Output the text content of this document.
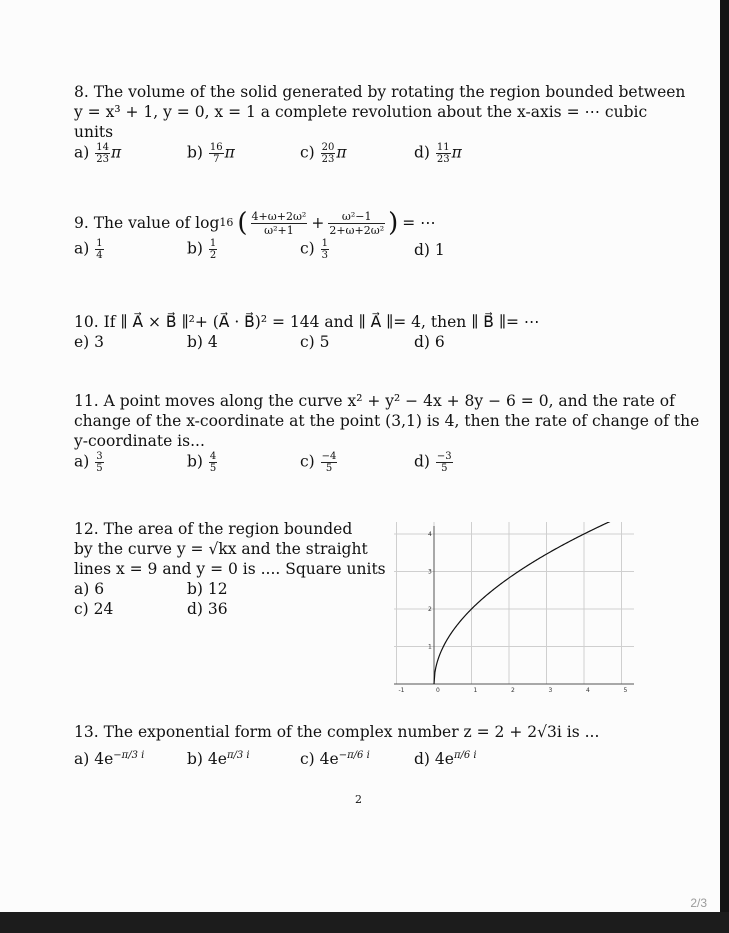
8. The volume of the solid generated by rotating the region bounded between
y = x³ + 1, y = 0, x = 1 a complete revolution about the x-axis = ⋯ cubic
units
$a) \frac{14}{23}$ π	$b) \frac{16}{7}$ π	$c) \frac{20}{23}$ π	$d) \frac{11}{23}$ π
9. The value of log 16 ( $\frac{\text{4+ω+2ω²}}{\text{ω²+1}} + \frac{\text{ω²−1}}{\text{2+ω+2ω²}}$ ) = ⋯
$a) \frac{1}{4}$	$b) \frac{1}{2}$	$c) \frac{1}{3}$	d) 1
10. If ∥ A⃗ × B⃗ ∥²+ (A⃗ · B⃗)² = 144 and ∥ A⃗ ∥= 4, then ∥ B⃗ ∥= ⋯
e) 3	b) 4	c) 5	d) 6
11. A point moves along the curve x² + y² − 4x + 8y − 6 = 0, and the rate of
change of the x-coordinate at the point (3,1) is 4, then the rate of change of the
y-coordinate is...
$a) \frac{3}{5}$	$b) \frac{4}{5}$	$c) \frac{-4}{5}$	$d) \frac{-3}{5}$
12. The area of the region bounded
by the curve y = √kx and the straight
lines x = 9 and y = 0 is .... Square units
a) 6	b) 12
c) 24	d) 36
-1	0	1	2	3	4	5
1
2
3
4
13. The exponential form of the complex number z = 2 + 2√3i is ...
a) $4e^{-\pi/3 i}$	b) $4e^{\pi/3 i}$	c) $4e^{-\pi/6 i}$	d) $4e^{\pi/6 i}$
2
2/3
